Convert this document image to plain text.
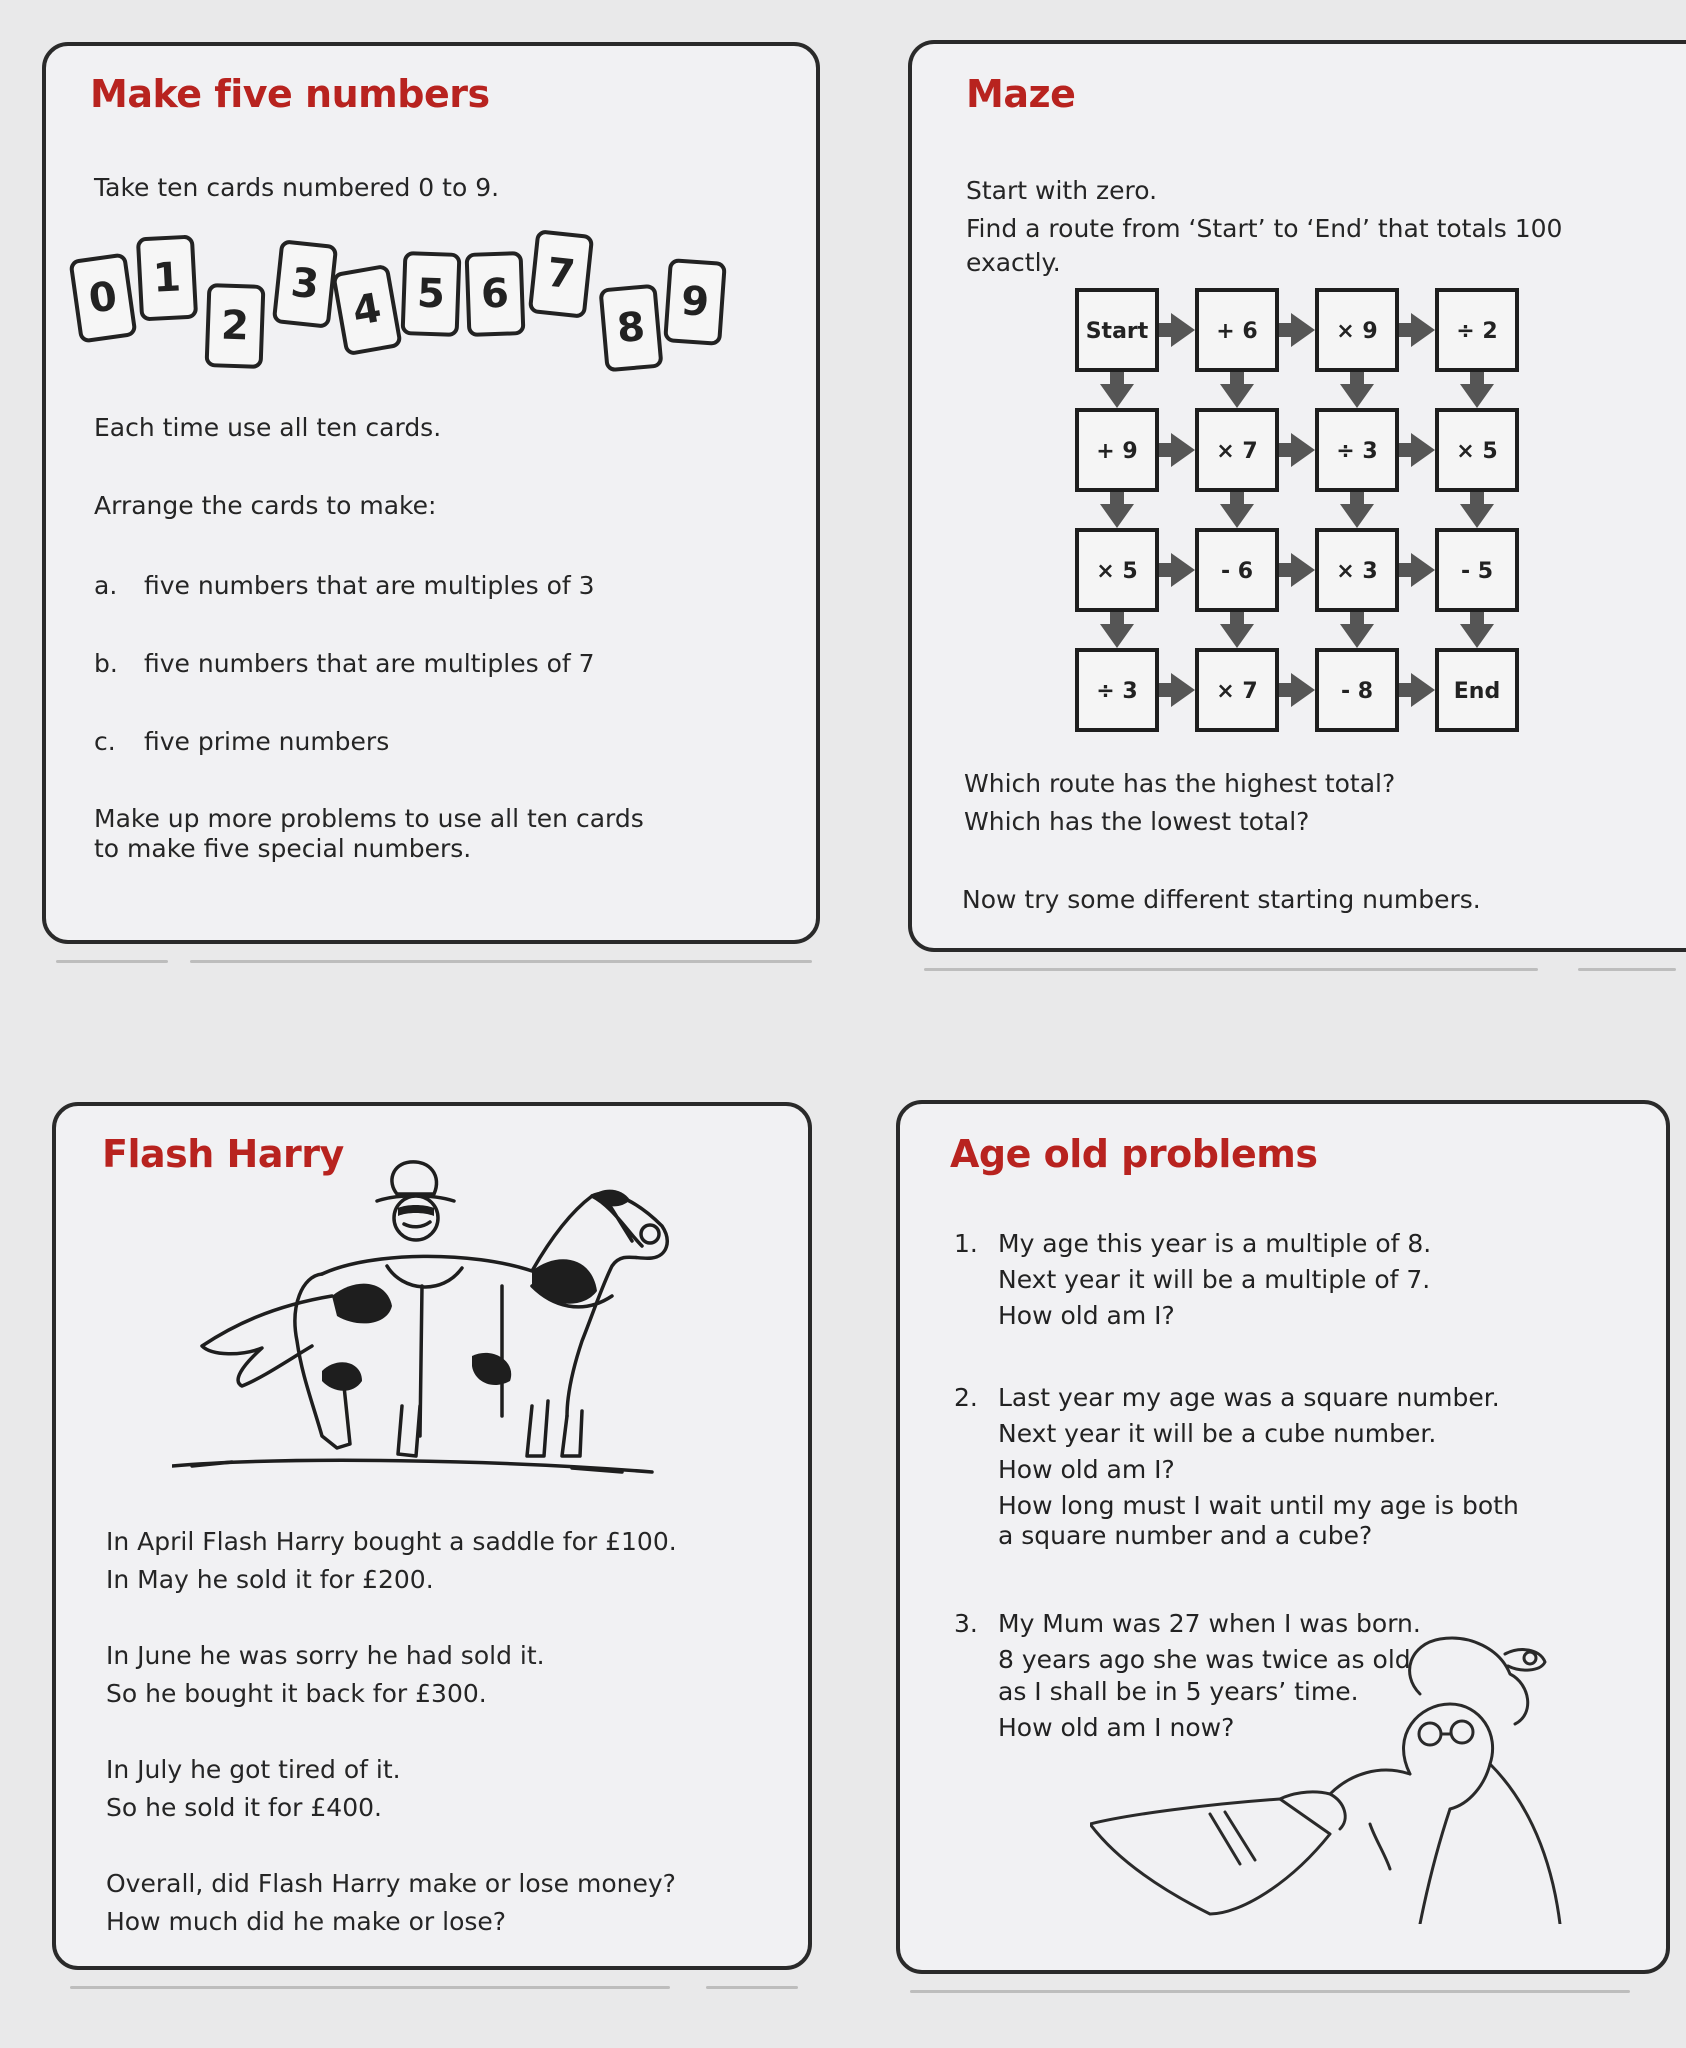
Make five numbers

Take ten cards numbered 0 to 9.

0 1
2
3
4 5 6 7
8
9

Each time use all ten cards.

Arrange the cards to make:

a. five numbers that are multiples of 3

b. five numbers that are multiples of 7

c. five prime numbers

Make up more problems to use all ten cards

to make five special numbers.

Maze

Start with zero.

Find a route from ‘Start’ to ‘End’ that totals 100

exactly.

Which route has the highest total?

Which has the lowest total?

Now try some different starting numbers.

Start	+ 6	× 9	÷ 2
+ 9	× 7	÷ 3	× 5
× 5	- 6	× 3	- 5
÷ 3	× 7	- 8	End
Flash Harry

In April Flash Harry bought a saddle for £100.

In May he sold it for £200.

In June he was sorry he had sold it.

So he bought it back for £300.

In July he got tired of it.

So he sold it for £400.

Overall, did Flash Harry make or lose money?

How much did he make or lose?

Age old problems
1. My age this year is a multiple of 8.
Next year it will be a multiple of 7.
How old am I?
2. Last year my age was a square number.
Next year it will be a cube number.
How old am I?
How long must I wait until my age is both
a square number and a cube?
3. My Mum was 27 when I was born.
8 years ago she was twice as old
as I shall be in 5 years’ time.
How old am I now?
